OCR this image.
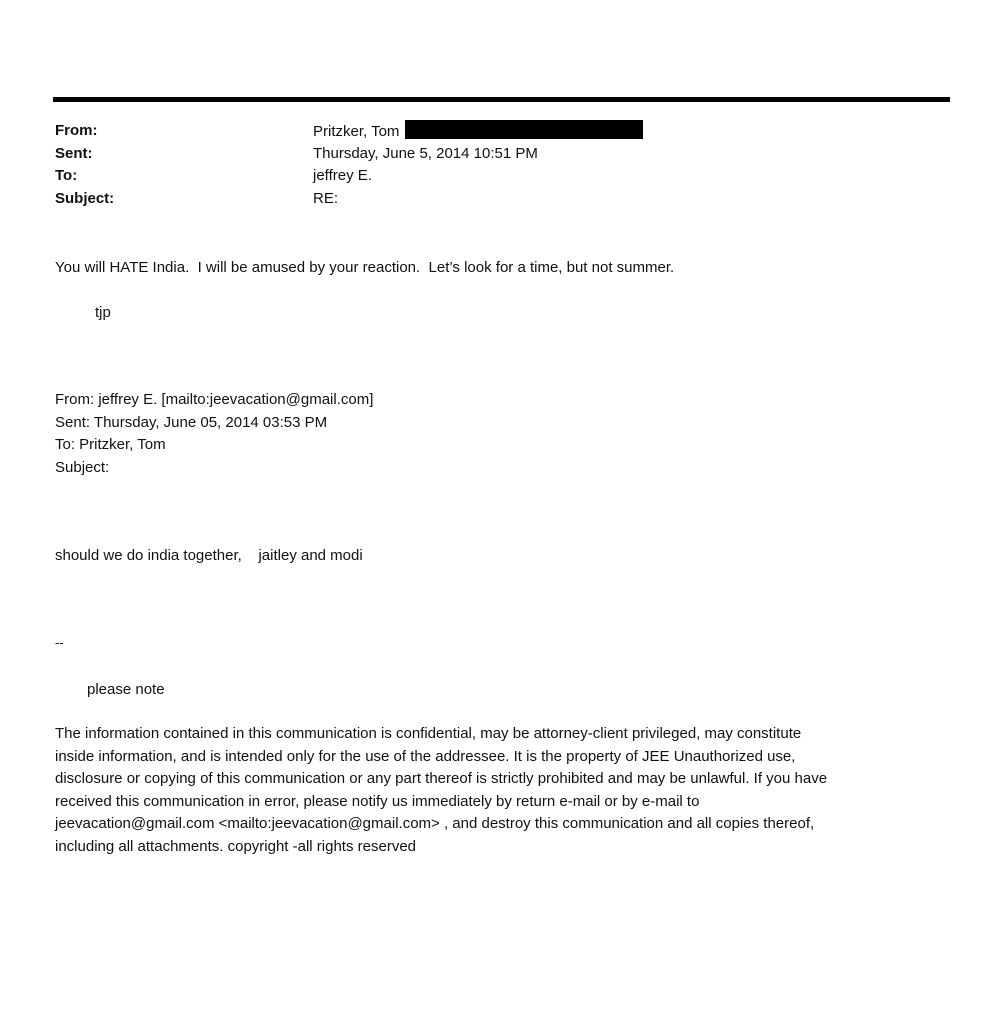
From:	Pritzker, Tom
Sent:	Thursday, June 5, 2014 10:51 PM
To:	jeffrey E.
Subject:	RE:
You will HATE India.  I will be amused by your reaction.  Let’s look for a time, but not summer.
tjp
From: jeffrey E. [mailto:jeevacation@gmail.com]
Sent: Thursday, June 05, 2014 03:53 PM
To: Pritzker, Tom
Subject:
should we do india together,    jaitley and modi
--
please note
The information contained in this communication is confidential, may be attorney-client privileged, may constitute
inside information, and is intended only for the use of the addressee. It is the property of JEE Unauthorized use,
disclosure or copying of this communication or any part thereof is strictly prohibited and may be unlawful. If you have
received this communication in error, please notify us immediately by return e-mail or by e-mail to
jeevacation@gmail.com <mailto:jeevacation@gmail.com> , and destroy this communication and all copies thereof,
including all attachments. copyright -all rights reserved
